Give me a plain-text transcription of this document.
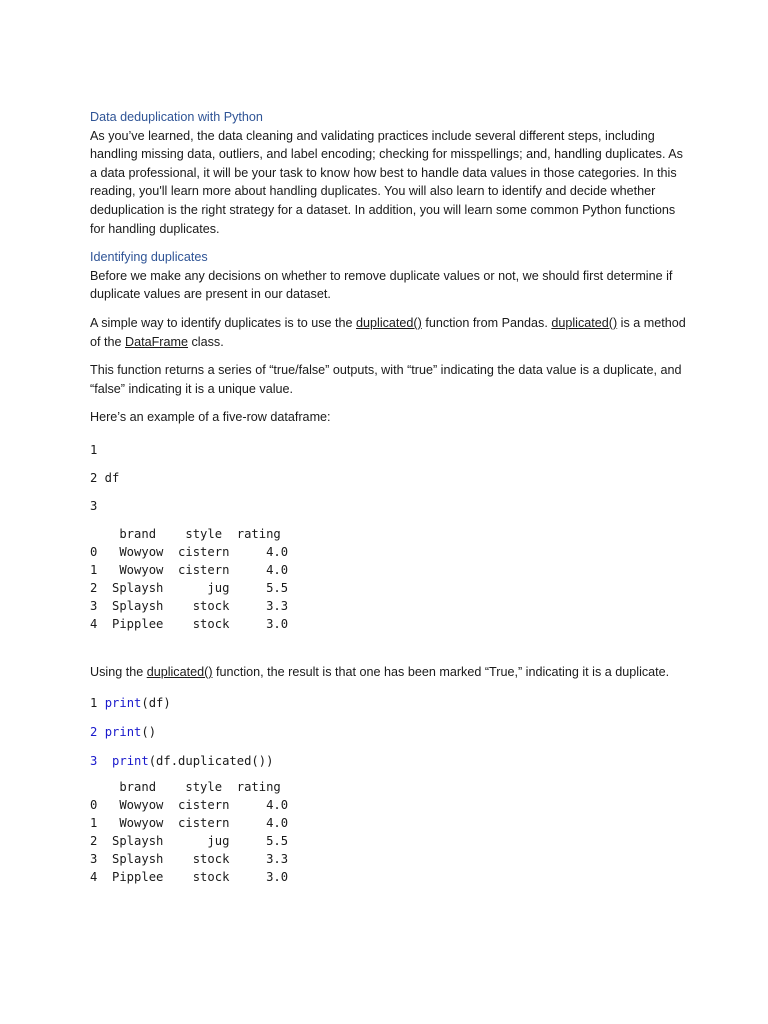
Data deduplication with Python

As you’ve learned, the data cleaning and validating practices include several different steps, including handling missing data, outliers, and label encoding; checking for misspellings; and, handling duplicates. As a data professional, it will be your task to know how best to handle data values in those categories. In this reading, you'll learn more about handling duplicates. You will also learn to identify and decide whether deduplication is the right strategy for a dataset. In addition, you will learn some common Python functions for handling duplicates.

Identifying duplicates

Before we make any decisions on whether to remove duplicate values or not, we should first determine if duplicate values are present in our dataset.

A simple way to identify duplicates is to use the duplicated() function from Pandas. duplicated() is a method of the DataFrame class.

This function returns a series of “true/false” outputs, with “true” indicating the data value is a duplicate, and “false” indicating it is a unique value.

Here’s an example of a five-row dataframe:

1

2 df

3

brand    style  rating
0   Wowyow  cistern     4.0
1   Wowyow  cistern     4.0
2  Splaysh      jug     5.5
3  Splaysh    stock     3.3
4  Pipplee    stock     3.0

Using the duplicated() function, the result is that one has been marked “True,” indicating it is a duplicate.

1 print(df)

2 print()

3  print(df.duplicated())

brand    style  rating
0   Wowyow  cistern     4.0
1   Wowyow  cistern     4.0
2  Splaysh      jug     5.5
3  Splaysh    stock     3.3
4  Pipplee    stock     3.0
